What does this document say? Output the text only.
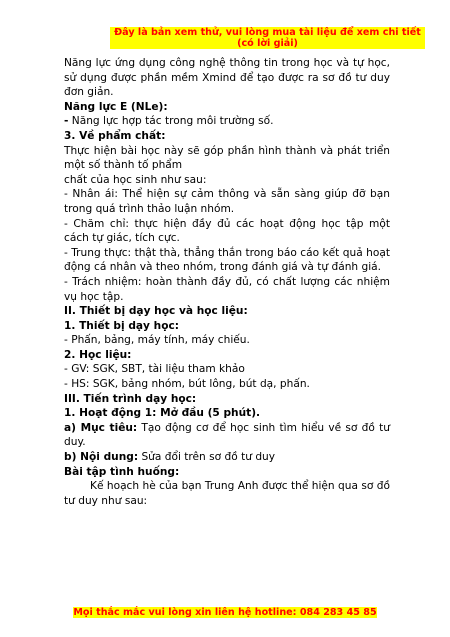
Đây là bản xem thử, vui lòng mua tài liệu để xem chi tiết (có lời giải)

Năng lực ứng dụng công nghệ thông tin trong học và tự học, sử dụng được phần mềm Xmind để tạo được ra sơ đồ tư duy đơn giản.

Năng lực E (NLe):

- Năng lực hợp tác trong môi trường số.

3. Về phẩm chất:

Thực hiện bài học này sẽ góp phần hình thành và phát triển một số thành tố phẩm

chất của học sinh như sau:

- Nhân ái: Thể hiện sự cảm thông và sẵn sàng giúp đỡ bạn trong quá trình thảo luận nhóm.

- Chăm chỉ: thực hiện đầy đủ các hoạt động học tập một cách tự giác, tích cực.

- Trung thực: thật thà, thẳng thắn trong báo cáo kết quả hoạt động cá nhân và theo nhóm, trong đánh giá và tự đánh giá.

- Trách nhiệm: hoàn thành đầy đủ, có chất lượng các nhiệm vụ học tập.

II. Thiết bị dạy học và học liệu:

1. Thiết bị dạy học:

- Phấn, bảng, máy tính, máy chiếu.

2. Học liệu:

- GV: SGK, SBT, tài liệu tham khảo

- HS: SGK, bảng nhóm, bút lông, bút dạ, phấn.

III. Tiến trình dạy học:

1. Hoạt động 1: Mở đầu (5 phút).

a) Mục tiêu: Tạo động cơ để học sinh tìm hiểu về sơ đồ tư duy.

b) Nội dung: Sửa đổi trên sơ đồ tư duy

Bài tập tình huống:

Kế hoạch hè của bạn Trung Anh được thể hiện qua sơ đồ tư duy như sau:

Mọi thắc mắc vui lòng xin liên hệ hotline: 084 283 45 85
